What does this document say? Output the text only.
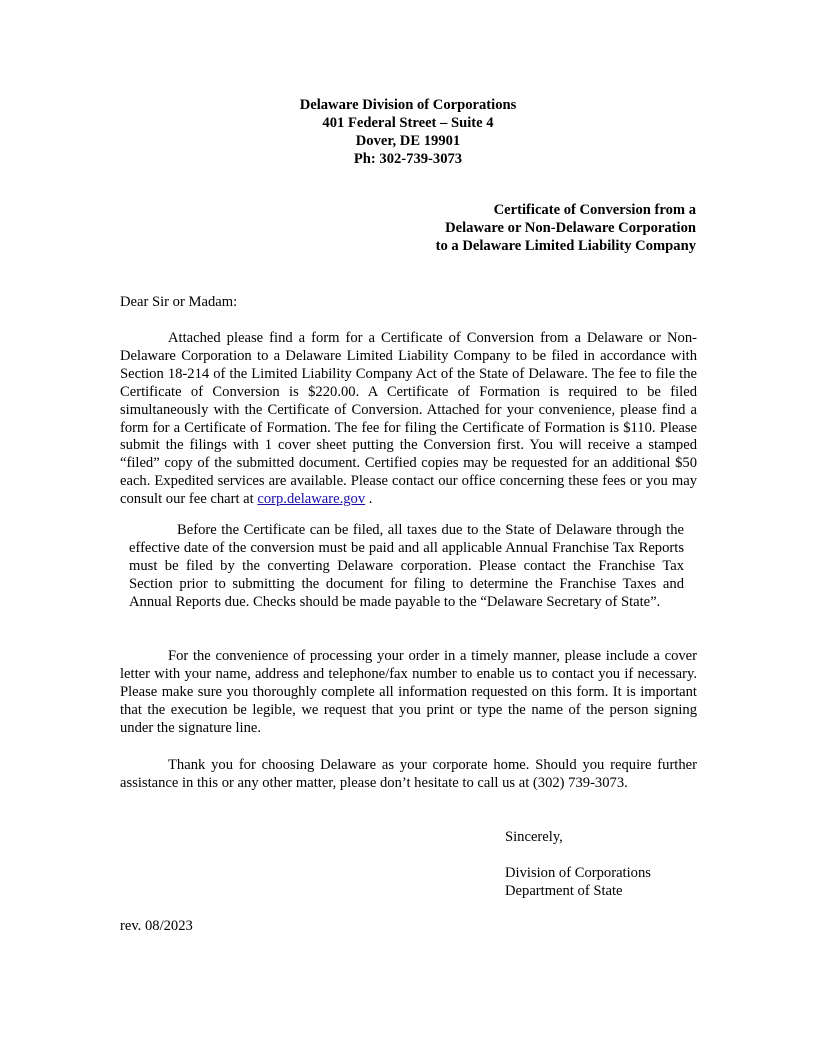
Delaware Division of Corporations
401 Federal Street – Suite 4
Dover, DE 19901
Ph: 302-739-3073
Certificate of Conversion from a
Delaware or Non-Delaware Corporation
to a Delaware Limited Liability Company
Dear Sir or Madam:

Attached please find a form for a Certificate of Conversion from a Delaware or Non-Delaware Corporation to a Delaware Limited Liability Company to be filed in accordance with Section 18-214 of the Limited Liability Company Act of the State of Delaware. The fee to file the Certificate of Conversion is $220.00. A Certificate of Formation is required to be filed simultaneously with the Certificate of Conversion. Attached for your convenience, please find a form for a Certificate of Formation. The fee for filing the Certificate of Formation is $110. Please submit the filings with 1 cover sheet putting the Conversion first. You will receive a stamped “filed” copy of the submitted document. Certified copies may be requested for an additional $50 each. Expedited services are available. Please contact our office concerning these fees or you may consult our fee chart at corp.delaware.gov .

Before the Certificate can be filed, all taxes due to the State of Delaware through the effective date of the conversion must be paid and all applicable Annual Franchise Tax Reports must be filed by the converting Delaware corporation. Please contact the Franchise Tax Section prior to submitting the document for filing to determine the Franchise Taxes and Annual Reports due. Checks should be made payable to the “Delaware Secretary of State”.

For the convenience of processing your order in a timely manner, please include a cover letter with your name, address and telephone/fax number to enable us to contact you if necessary. Please make sure you thoroughly complete all information requested on this form. It is important that the execution be legible, we request that you print or type the name of the person signing under the signature line.

Thank you for choosing Delaware as your corporate home. Should you require further assistance in this or any other matter, please don’t hesitate to call us at (302) 739-3073.

Sincerely,
Division of Corporations
Department of State
rev. 08/2023
